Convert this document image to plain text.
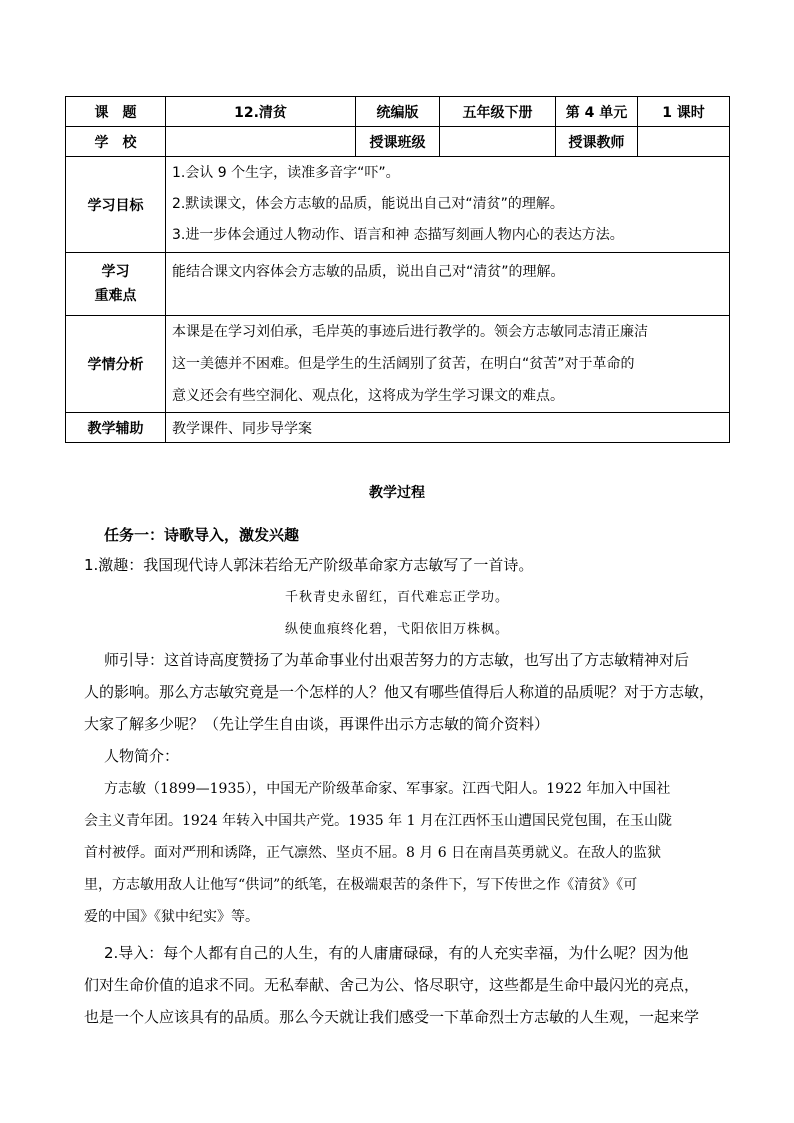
课　题	12.清贫	统编版	五年级下册	第 4 单元	1 课时
学　校		授课班级		授课教师	
学习目标	1.会认 9 个生字，读准多音字“吓”。
2.默读课文，体会方志敏的品质，能说出自己对“清贫”的理解。
3.进一步体会通过人物动作、语言和神 态描写刻画人物内心的表达方法。				

学习
重难点	能结合课文内容体会方志敏的品质，说出自己对“清贫”的理解。				
学情分析	本课是在学习刘伯承，毛岸英的事迹后进行教学的。领会方志敏同志清正廉洁
这一美德并不困难。但是学生的生活阔别了贫苦，在明白“贫苦”对于革命的
意义还会有些空洞化、观点化，这将成为学生学习课文的难点。				

教学辅助	教学课件、同步导学案				
教学过程
任务一：诗歌导入，激发兴趣
1.激趣：我国现代诗人郭沫若给无产阶级革命家方志敏写了一首诗。
千秋青史永留红，百代难忘正学功。
纵使血痕终化碧，弋阳依旧万株枫。
师引导：这首诗高度赞扬了为革命事业付出艰苦努力的方志敏，也写出了方志敏精神对后
人的影响。那么方志敏究竟是一个怎样的人？他又有哪些值得后人称道的品质呢？对于方志敏，
大家了解多少呢？（先让学生自由谈，再课件出示方志敏的简介资料）
人物简介：
方志敏（1899—1935），中国无产阶级革命家、军事家。江西弋阳人。1922 年加入中国社
会主义青年团。1924 年转入中国共产党。1935 年 1 月在江西怀玉山遭国民党包围，在玉山陇
首村被俘。面对严刑和诱降，正气凛然、坚贞不屈。8 月 6 日在南昌英勇就义。在敌人的监狱
里，方志敏用敌人让他写“供词”的纸笔，在极端艰苦的条件下，写下传世之作《清贫》《可
爱的中国》《狱中纪实》等。
2.导入：每个人都有自己的人生，有的人庸庸碌碌，有的人充实幸福，为什么呢？因为他
们对生命价值的追求不同。无私奉献、舍己为公、恪尽职守，这些都是生命中最闪光的亮点，
也是一个人应该具有的品质。那么今天就让我们感受一下革命烈士方志敏的人生观，一起来学
